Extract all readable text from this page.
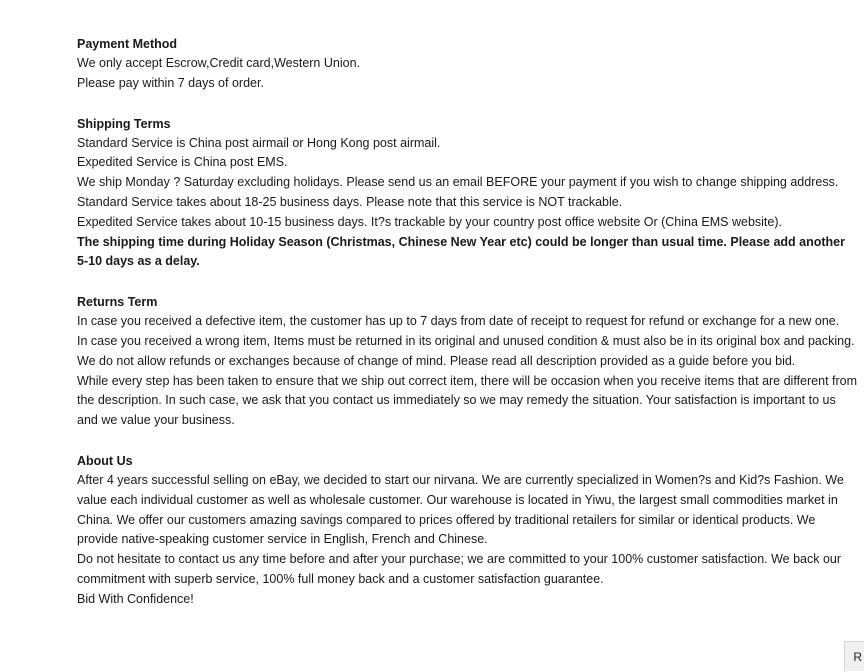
Payment Method

We only accept Escrow,Credit card,Western Union.

Please pay within 7 days of order.

Shipping Terms

Standard Service is China post airmail or Hong Kong post airmail.

Expedited Service is China post EMS.

We ship Monday ? Saturday excluding holidays. Please send us an email BEFORE your payment if you wish to change shipping address.

Standard Service takes about 18-25 business days. Please note that this service is NOT trackable.

Expedited Service takes about 10-15 business days. It?s trackable by your country post office website Or (China EMS website).

The shipping time during Holiday Season (Christmas, Chinese New Year etc) could be longer than usual time. Please add another 5-10 days as a delay.

Returns Term

In case you received a defective item, the customer has up to 7 days from date of receipt to request for refund or exchange for a new one.

In case you received a wrong item, Items must be returned in its original and unused condition & must also be in its original box and packing.

We do not allow refunds or exchanges because of change of mind. Please read all description provided as a guide before you bid.

While every step has been taken to ensure that we ship out correct item, there will be occasion when you receive items that are different from the description. In such case, we ask that you contact us immediately so we may remedy the situation. Your satisfaction is important to us and we value your business.

About Us

After 4 years successful selling on eBay, we decided to start our nirvana. We are currently specialized in Women?s and Kid?s Fashion. We value each individual customer as well as wholesale customer. Our warehouse is located in Yiwu, the largest small commodities market in China. We offer our customers amazing savings compared to prices offered by traditional retailers for similar or identical products. We provide native-speaking customer service in English, French and Chinese.

Do not hesitate to contact us any time before and after your purchase; we are committed to your 100% customer satisfaction. We back our commitment with superb service, 100% full money back and a customer satisfaction guarantee.

Bid With Confidence!

R
